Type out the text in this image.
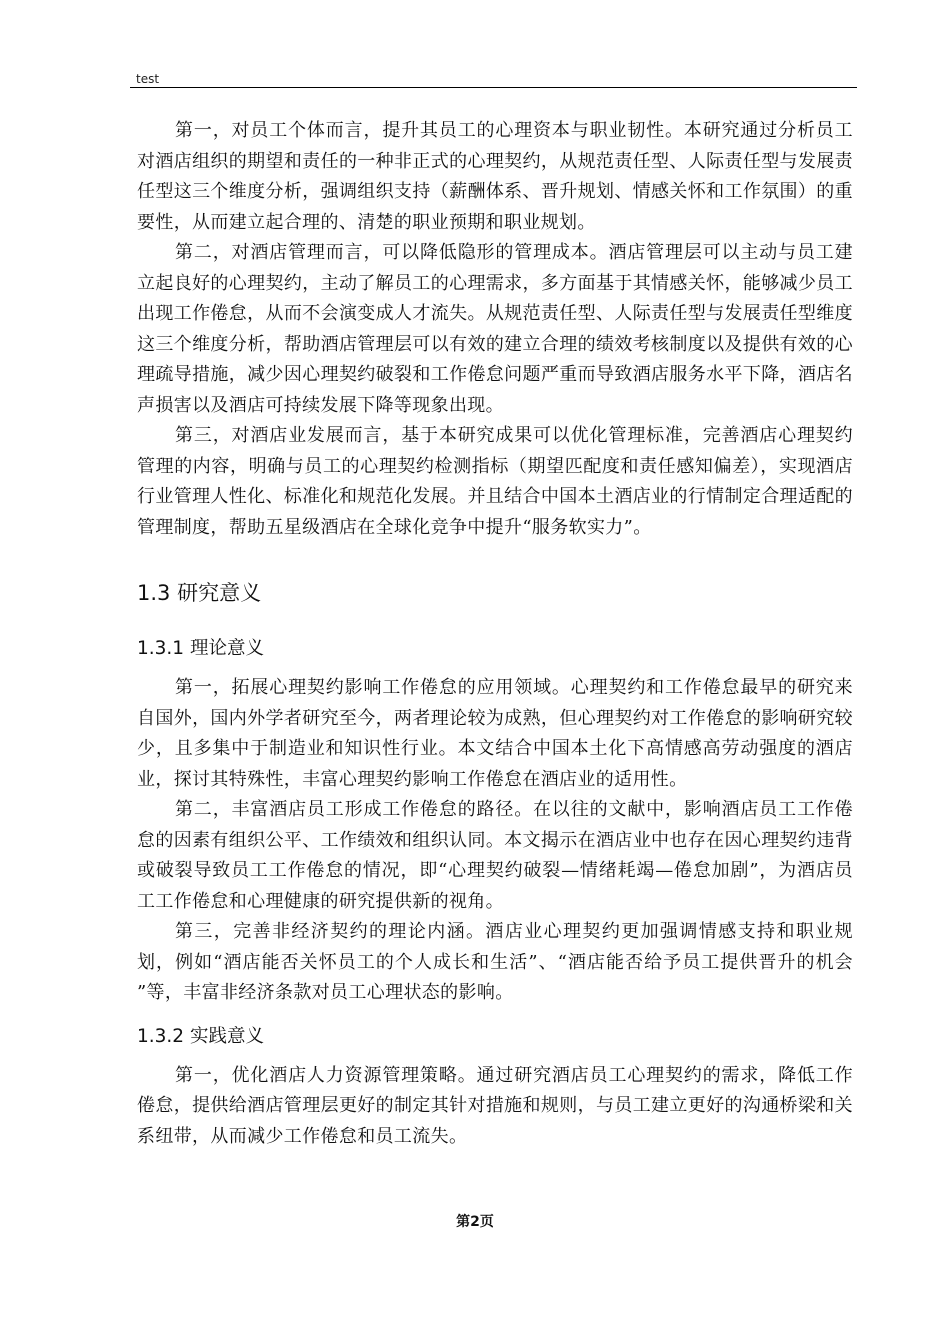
test

第一，对员工个体而言，提升其员工的心理资本与职业韧性。本研究通过分析员工对酒店组织的期望和责任的一种非正式的心理契约，从规范责任型、人际责任型与发展责任型这三个维度分析，强调组织支持（薪酬体系、晋升规划、情感关怀和工作氛围）的重要性，从而建立起合理的、清楚的职业预期和职业规划。

第二，对酒店管理而言，可以降低隐形的管理成本。酒店管理层可以主动与员工建立起良好的心理契约，主动了解员工的心理需求，多方面基于其情感关怀，能够减少员工出现工作倦怠，从而不会演变成人才流失。从规范责任型、人际责任型与发展责任型维度这三个维度分析，帮助酒店管理层可以有效的建立合理的绩效考核制度以及提供有效的心理疏导措施，减少因心理契约破裂和工作倦怠问题严重而导致酒店服务水平下降，酒店名声损害以及酒店可持续发展下降等现象出现。

第三，对酒店业发展而言，基于本研究成果可以优化管理标准，完善酒店心理契约管理的内容，明确与员工的心理契约检测指标（期望匹配度和责任感知偏差），实现酒店行业管理人性化、标准化和规范化发展。并且结合中国本土酒店业的行情制定合理适配的管理制度，帮助五星级酒店在全球化竞争中提升“服务软实力”。

1.3 研究意义
1.3.1 理论意义

第一，拓展心理契约影响工作倦怠的应用领域。心理契约和工作倦怠最早的研究来自国外，国内外学者研究至今，两者理论较为成熟，但心理契约对工作倦怠的影响研究较少，且多集中于制造业和知识性行业。本文结合中国本土化下高情感高劳动强度的酒店业，探讨其特殊性，丰富心理契约影响工作倦怠在酒店业的适用性。

第二，丰富酒店员工形成工作倦怠的路径。在以往的文献中，影响酒店员工工作倦怠的因素有组织公平、工作绩效和组织认同。本文揭示在酒店业中也存在因心理契约违背或破裂导致员工工作倦怠的情况，即“心理契约破裂—情绪耗竭—倦怠加剧”，为酒店员工工作倦怠和心理健康的研究提供新的视角。

第三，完善非经济契约的理论内涵。酒店业心理契约更加强调情感支持和职业规划，例如“酒店能否关怀员工的个人成长和生活”、“酒店能否给予员工提供晋升的机会 ”等，丰富非经济条款对员工心理状态的影响。

1.3.2 实践意义

第一，优化酒店人力资源管理策略。通过研究酒店员工心理契约的需求，降低工作倦怠，提供给酒店管理层更好的制定其针对措施和规则，与员工建立更好的沟通桥梁和关系纽带，从而减少工作倦怠和员工流失。

第2页
